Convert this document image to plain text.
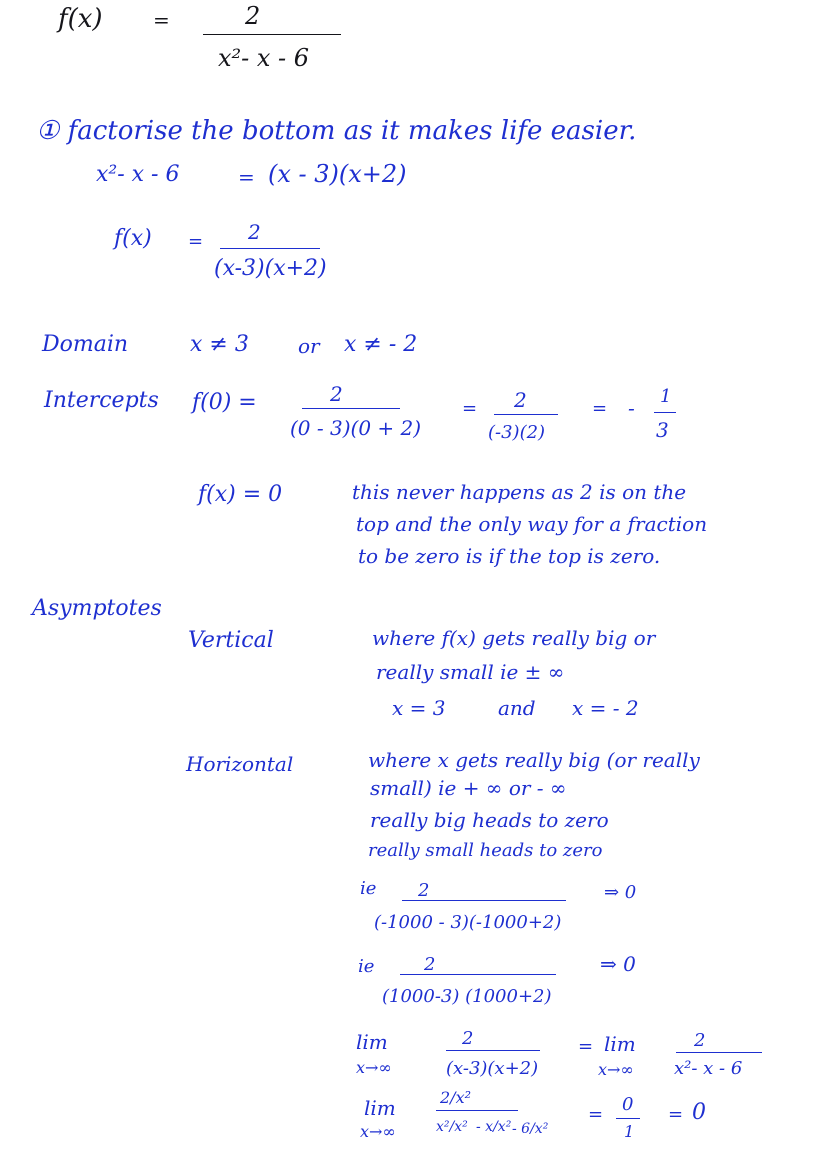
f(x)	=	2
x²- x - 6
① factorise the bottom as it makes life easier.
x²- x - 6	= (x - 3)(x+2)
f(x) = 2
(x-3)(x+2)
Domain	x ≠ 3 or x ≠ - 2
Intercepts f(0) =	2
(0 - 3)(0 + 2)
= 2
(-3)(2)
= - 1
3
f(x) = 0	this never happens as 2 is on the
top and the only way for a fraction
to be zero is if the top is zero.
Asymptotes
Vertical	where f(x) gets really big or
really small ie ± ∞
x = 3	and x = - 2
Horizontal	where x gets really big (or really
small) ie + ∞ or - ∞
really big heads to zero
really small heads to zero
ie 2
(-1000 - 3)(-1000+2)
⇒ 0
ie	2
(1000-3) (1000+2)
⇒ 0
lim
x→∞
2
(x-3)(x+2)
= lim
x→∞
2
x²- x - 6
lim
x→∞
2/x²
x²/x² - x/x² - 6/x²
= 0
1
= 0
